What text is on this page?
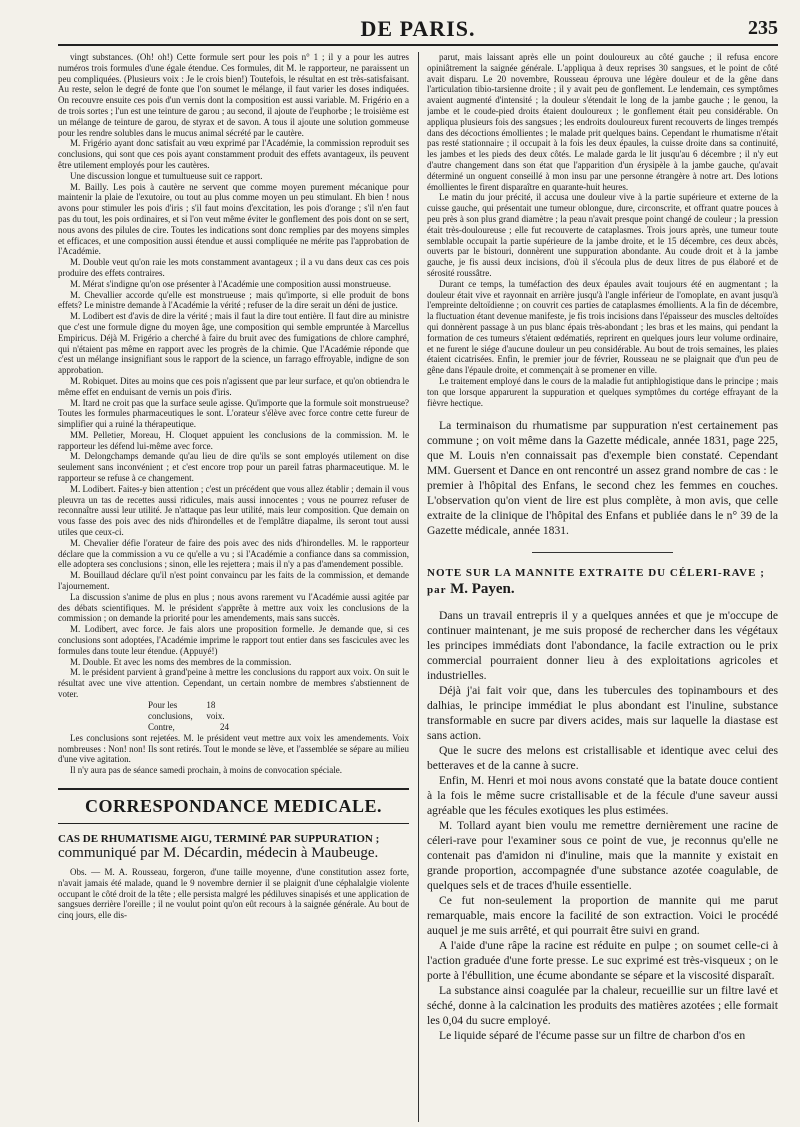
DE PARIS.	235

vingt substances. (Oh! oh!) Cette formule sert pour les pois n° 1 ; il y a pour les autres numéros trois formules d'une égale étendue. Ces formules, dit M. le rapporteur, ne paraissent un peu compliquées. (Plusieurs voix : Je le crois bien!) Toutefois, le résultat en est très-satisfaisant. Au reste, selon le degré de fonte que l'on soumet le mélange, il faut varier les doses indiquées. On recouvre ensuite ces pois d'un vernis dont la composition est aussi variable. M. Frigério en a de trois sortes ; l'un est une teinture de garou ; au second, il ajoute de l'euphorbe ; le troisième est un mélange de teinture de garou, de styrax et de savon. A tous il ajoute une solution gommeuse pour les rendre solubles dans le mucus animal sécrété par le cautère.

M. Frigério ayant donc satisfait au vœu exprimé par l'Académie, la commission reproduit ses conclusions, qui sont que ces pois ayant constamment produit des effets avantageux, ils peuvent être utilement employés pour les cautères.

Une discussion longue et tumultueuse suit ce rapport.

M. Bailly. Les pois à cautère ne servent que comme moyen purement mécanique pour maintenir la plaie de l'exutoire, ou tout au plus comme moyen un peu stimulant. Eh bien ! nous avons pour stimuler les pois d'iris ; s'il faut moins d'excitation, les pois d'orange ; s'il n'en faut pas du tout, les pois ordinaires, et si l'on veut même éviter le gonflement des pois dont on se sert, nous avons des pilules de cire. Toutes les indications sont donc remplies par des moyens simples et efficaces, et une composition aussi étendue et aussi compliquée ne mérite pas l'approbation de l'Académie.

M. Double veut qu'on raie les mots constamment avantageux ; il a vu dans deux cas ces pois produire des effets contraires.

M. Mérat s'indigne qu'on ose présenter à l'Académie une composition aussi monstrueuse.

M. Chevallier accorde qu'elle est monstrueuse ; mais qu'importe, si elle produit de bons effets? Le ministre demande à l'Académie la vérité ; refuser de la dire serait un déni de justice.

M. Lodibert est d'avis de dire la vérité ; mais il faut la dire tout entière. Il faut dire au ministre que c'est une formule digne du moyen âge, une composition qui semble empruntée à Marcellus Empiricus. Déjà M. Frigério a cherché à faire du bruit avec des fumigations de chlore camphré, qui n'étaient pas même en rapport avec les progrès de la chimie. Que l'Académie réponde que c'est un mélange insignifiant sous le rapport de la science, un farrago effroyable, indigne de son approbation.

M. Robiquet. Dites au moins que ces pois n'agissent que par leur surface, et qu'on obtiendra le même effet en enduisant de vernis un pois d'iris.

M. Itard ne croit pas que la surface seule agisse. Qu'importe que la formule soit monstrueuse? Toutes les formules pharmaceutiques le sont. L'orateur s'élève avec force contre cette fureur de simplifier qui a ruiné la thérapeutique.

MM. Pelletier, Moreau, H. Cloquet appuient les conclusions de la commission. M. le rapporteur les défend lui-même avec force.

M. Delongchamps demande qu'au lieu de dire qu'ils se sont employés utilement on dise seulement sans inconvénient ; et c'est encore trop pour un pareil fatras pharmaceutique. M. le rapporteur se refuse à ce changement.

M. Lodibert. Faites-y bien attention ; c'est un précédent que vous allez établir ; demain il vous pleuvra un tas de recettes aussi ridicules, mais aussi innocentes ; vous ne pourrez refuser de reconnaître aussi leur utilité. Je n'attaque pas leur utilité, mais leur composition. Que demain on vous fasse des pois avec des nids d'hirondelles et de l'emplâtre diapalme, ils seront tout aussi utiles que ceux-ci.

M. Chevalier défie l'orateur de faire des pois avec des nids d'hirondelles. M. le rapporteur déclare que la commission a vu ce qu'elle a vu ; si l'Académie a confiance dans sa commission, elle adoptera ses conclusions ; sinon, elle les rejettera ; mais il n'y a pas d'amendement possible.

M. Bouillaud déclare qu'il n'est point convaincu par les faits de la commission, et demande l'ajournement.

La discussion s'anime de plus en plus ; nous avons rarement vu l'Académie aussi agitée par des débats scientifiques. M. le président s'apprête à mettre aux voix les conclusions de la commission ; on demande la priorité pour les amendements, mais sans succès.

M. Lodibert, avec force. Je fais alors une proposition formelle. Je demande que, si ces conclusions sont adoptées, l'Académie imprime le rapport tout entier dans ses fascicules avec les formules dans toute leur étendue. (Appuyé!)

M. Double. Et avec les noms des membres de la commission.

M. le président parvient à grand'peine à mettre les conclusions du rapport aux voix. On suit le résultat avec une vive attention. Cependant, un certain nombre de membres s'abstiennent de voter.

Pour les conclusions,
18 voix.
Contre,	24

Les conclusions sont rejetées. M. le président veut mettre aux voix les amendements. Voix nombreuses : Non! non! Ils sont retirés. Tout le monde se lève, et l'assemblée se sépare au milieu d'une vive agitation.

Il n'y aura pas de séance samedi prochain, à moins de convocation spéciale.

CORRESPONDANCE MEDICALE.
CAS DE RHUMATISME AIGU, TERMINÉ PAR SUPPURATION ; communiqué par M. Décardin, médecin à Maubeuge.

Obs. — M. A. Rousseau, forgeron, d'une taille moyenne, d'une constitution assez forte, n'avait jamais été malade, quand le 9 novembre dernier il se plaignit d'une céphalalgie violente occupant le côté droit de la tête ; elle persista malgré les pédiluves sinapisés et une application de sangsues derrière l'oreille ; il ne voulut point qu'on eût recours à la saignée générale. Au bout de cinq jours, elle dis-

parut, mais laissant après elle un point douloureux au côté gauche ; il refusa encore opiniâtrement la saignée générale. L'appliqua à deux reprises 30 sangsues, et le point de côté avait disparu. Le 20 novembre, Rousseau éprouva une légère douleur et de la gêne dans l'articulation tibio-tarsienne droite ; il y avait peu de gonflement. Le lendemain, ces symptômes avaient augmenté d'intensité ; la douleur s'étendait le long de la jambe gauche ; le genou, la jambe et le coude-pied droits étaient douloureux ; le gonflement était peu considérable. On appliqua plusieurs fois des sangsues ; les endroits douloureux furent recouverts de linges trempés dans des décoctions émollientes ; le malade prit quelques bains. Cependant le rhumatisme n'était pas resté stationnaire ; il occupait à la fois les deux épaules, la cuisse droite dans sa continuité, les jambes et les pieds des deux côtés. Le malade garda le lit jusqu'au 6 décembre ; il n'y eut d'autre changement dans son état que l'apparition d'un érysipèle à la jambe gauche, qu'avait déterminé un onguent conseillé à mon insu par une personne étrangère à notre art. Des lotions émollientes le firent disparaître en quarante-huit heures.

Le matin du jour précité, il accusa une douleur vive à la partie supérieure et externe de la cuisse gauche, qui présentait une tumeur oblongue, dure, circonscrite, et offrant quatre pouces à peu près à son plus grand diamètre ; la peau n'avait presque point changé de couleur ; la pression était très-douloureuse ; elle fut recouverte de cataplasmes. Trois jours après, une tumeur toute semblable occupait la partie supérieure de la jambe droite, et le 15 décembre, ces deux abcès, ouverts par le bistouri, donnèrent une suppuration abondante. Au coude droit et à la jambe gauche, je fis aussi deux incisions, d'où il s'écoula plus de deux litres de pus élaboré et de sérosité roussâtre.

Durant ce temps, la tuméfaction des deux épaules avait toujours été en augmentant ; la douleur était vive et rayonnait en arrière jusqu'à l'angle inférieur de l'omoplate, en avant jusqu'à l'empreinte deltoïdienne ; on couvrit ces parties de cataplasmes émollients. A la fin de décembre, la fluctuation étant devenue manifeste, je fis trois incisions dans l'épaisseur des muscles deltoïdes qui donnèrent passage à un pus blanc épais très-abondant ; les bras et les mains, qui pendant la formation de ces tumeurs s'étaient œdématiés, reprirent en quelques jours leur volume ordinaire, et ne furent le siége d'aucune douleur un peu considérable. Au bout de trois semaines, les plaies étaient cicatrisées. Enfin, le premier jour de février, Rousseau ne se plaignait que d'un peu de gêne dans l'épaule droite, et commençait à se promener en ville.

Le traitement employé dans le cours de la maladie fut antiphlogistique dans le principe ; mais ton que lorsque apparurent la suppuration et quelques symptômes du cortége effrayant de la fièvre hectique.

La terminaison du rhumatisme par suppuration n'est certainement pas commune ; on voit même dans la Gazette médicale, année 1831, page 225, que M. Louis n'en connaissait pas d'exemple bien constaté. Cependant MM. Guersent et Dance en ont rencontré un assez grand nombre de cas : le premier à l'hôpital des Enfans, le second chez les femmes en couches. L'observation qu'on vient de lire est plus complète, à mon avis, que celle extraite de la clinique de l'hôpital des Enfans et publiée dans le n° 39 de la Gazette médicale, année 1831.

NOTE SUR LA MANNITE EXTRAITE DU CÉLERI-RAVE ; par M. Payen.

Dans un travail entrepris il y a quelques années et que je m'occupe de continuer maintenant, je me suis proposé de rechercher dans les végétaux les principes immédiats dont l'abondance, la facile extraction ou le prix commercial pourraient donner lieu à des exploitations agricoles et industrielles.

Déjà j'ai fait voir que, dans les tubercules des topinambours et des dalhias, le principe immédiat le plus abondant est l'inuline, substance transformable en sucre par divers acides, mais sur laquelle la diastase est sans action.

Que le sucre des melons est cristallisable et identique avec celui des betteraves et de la canne à sucre.

Enfin, M. Henri et moi nous avons constaté que la batate douce contient à la fois le même sucre cristallisable et de la fécule d'une saveur aussi agréable que les fécules exotiques les plus estimées.

M. Tollard ayant bien voulu me remettre dernièrement une racine de céleri-rave pour l'examiner sous ce point de vue, je reconnus qu'elle ne contenait pas d'amidon ni d'inuline, mais que la mannite y existait en grande proportion, accompagnée d'une substance azotée coagulable, de quelques sels et de traces d'huile essentielle.

Ce fut non-seulement la proportion de mannite qui me parut remarquable, mais encore la facilité de son extraction. Voici le procédé auquel je me suis arrêté, et qui pourrait être suivi en grand.

A l'aide d'une râpe la racine est réduite en pulpe ; on soumet celle-ci à l'action graduée d'une forte presse. Le suc exprimé est très-visqueux ; on le porte à l'ébullition, une écume abondante se sépare et la viscosité disparaît.

La substance ainsi coagulée par la chaleur, recueillie sur un filtre lavé et séché, donne à la calcination les produits des matières azotées ; elle formait les 0,04 du sucre employé.

Le liquide séparé de l'écume passe sur un filtre de charbon d'os en
